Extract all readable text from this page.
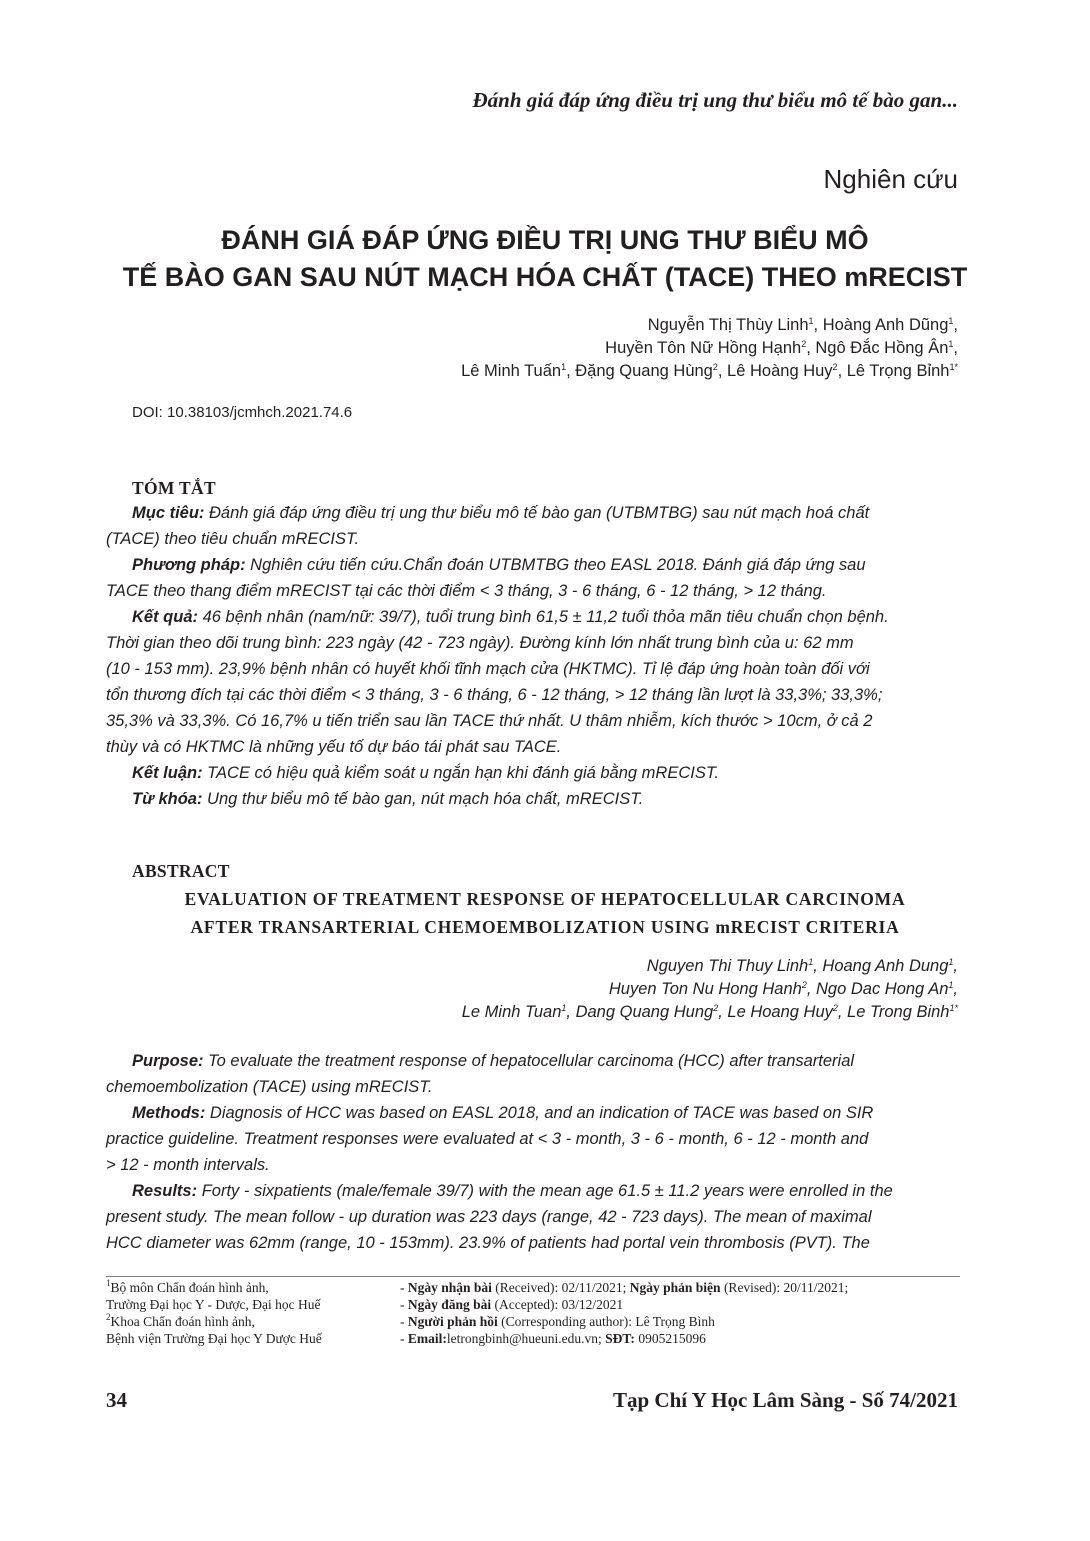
Đánh giá đáp ứng điều trị ung thư biểu mô tế bào gan...
Nghiên cứu
ĐÁNH GIÁ ĐÁP ỨNG ĐIỀU TRỊ UNG THƯ BIỂU MÔ
TẾ BÀO GAN SAU NÚT MẠCH HÓA CHẤT (TACE) THEO mRECIST
Nguyễn Thị Thùy Linh$^1$, Hoàng Anh Dũng$^1$,
Huyền Tôn Nữ Hồng Hạnh$^2$, Ngô Đắc Hồng $Ân^1$,
Lê Minh Tuấn$^1$, Đặng Quang Hùng$^2$, Lê Hoàng Huy$^2$, Lê Trọng Bỉnh$^{1*}$
DOI: 10.38103/jcmhch.2021.74.6
TÓM TẮT
Mục tiêu: Đánh giá đáp ứng điều trị ung thư biểu mô tế bào gan (UTBMTBG) sau nút mạch hoá chất
(TACE) theo tiêu chuẩn mRECIST.
Phương pháp: Nghiên cứu tiến cứu.Chẩn đoán UTBMTBG theo EASL 2018. Đánh giá đáp ứng sau
TACE theo thang điểm mRECIST tại các thời điểm < 3 tháng, 3 - 6 tháng, 6 - 12 tháng, > 12 tháng.
Kết quả: 46 bệnh nhân (nam/nữ: 39/7), tuổi trung bình 61,5 ± 11,2 tuổi thỏa mãn tiêu chuẩn chọn bệnh.
Thời gian theo dõi trung bình: 223 ngày (42 - 723 ngày). Đường kính lớn nhất trung bình của u: 62 mm
(10 - 153 mm). 23,9% bệnh nhân có huyết khối tĩnh mạch cửa (HKTMC). Tỉ lệ đáp ứng hoàn toàn đối với
tổn thương đích tại các thời điểm < 3 tháng, 3 - 6 tháng, 6 - 12 tháng, > 12 tháng lần lượt là 33,3%; 33,3%;
35,3% và 33,3%. Có 16,7% u tiến triển sau lần TACE thứ nhất. U thâm nhiễm, kích thước > 10cm, ở cả 2
thùy và có HKTMC là những yếu tố dự báo tái phát sau TACE.
Kết luận: TACE có hiệu quả kiểm soát u ngắn hạn khi đánh giá bằng mRECIST.
Từ khóa: Ung thư biểu mô tế bào gan, nút mạch hóa chất, mRECIST.
ABSTRACT
EVALUATION OF TREATMENT RESPONSE OF HEPATOCELLULAR CARCINOMA
AFTER TRANSARTERIAL CHEMOEMBOLIZATION USING mRECIST CRITERIA
Nguyen Thi Thuy Linh$^1$, Hoang Anh Dung$^1$,
Huyen Ton Nu Hong Hanh$^2$, Ngo Dac Hong An$^1$,
Le Minh Tuan$^1$, Dang Quang Hung$^2$, Le Hoang Huy$^2$, Le Trong Binh$^{1*}$
Purpose: To evaluate the treatment response of hepatocellular carcinoma (HCC) after transarterial
chemoembolization (TACE) using mRECIST.
Methods: Diagnosis of HCC was based on EASL 2018, and an indication of TACE was based on SIR
practice guideline. Treatment responses were evaluated at < 3 - month, 3 - 6 - month, 6 - 12 - month and
> 12 - month intervals.
Results: Forty - sixpatients (male/female 39/7) with the mean age 61.5 ± 11.2 years were enrolled in the
present study. The mean follow - up duration was 223 days (range, 42 - 723 days). The mean of maximal
HCC diameter was 62mm (range, 10 - 153mm). 23.9% of patients had portal vein thrombosis (PVT). The
$^1$Bộ môn Chẩn đoán hình ảnh,
Trường Đại học Y - Dược, Đại học Huế
$^2$Khoa Chẩn đoán hình ảnh,
Bệnh viện Trường Đại học Y Dược Huế
- Ngày nhận bài (Received): 02/11/2021; Ngày phản biện (Revised): 20/11/2021;
- Ngày đăng bài (Accepted): 03/12/2021
- Người phản hồi (Corresponding author): Lê Trọng Bình
- Email:letrongbinh@hueuni.edu.vn; SĐT: 0905215096
34	Tạp Chí Y Học Lâm Sàng - Số 74/2021
